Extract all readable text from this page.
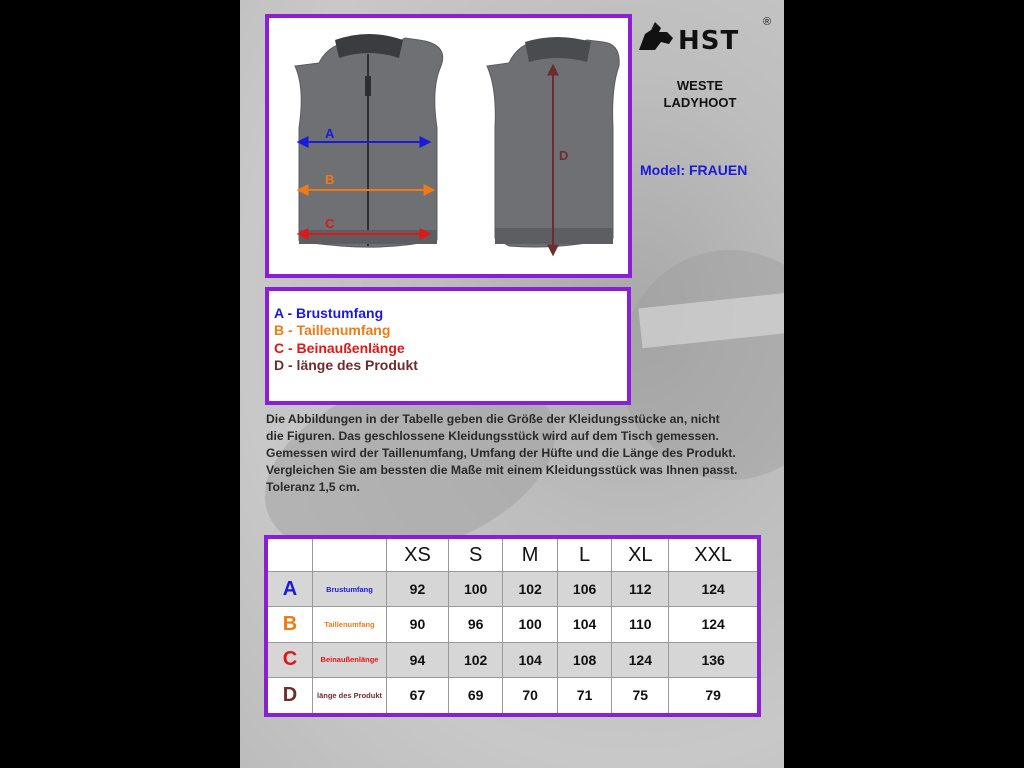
A
B
C
D
HST
®
WESTE
LADYHOOT
Model: FRAUEN
A - Brustumfang
B - Taillenumfang
C - Beinaußenlänge
D - länge des Produkt
Die Abbildungen in der Tabelle geben die Größe der Kleidungsstücke an, nicht
die Figuren. Das geschlossene Kleidungsstück wird auf dem Tisch gemessen.
Gemessen wird der Taillenumfang, Umfang der Hüfte und die Länge des Produkt.
Vergleichen Sie am bessten die Maße mit einem Kleidungsstück was Ihnen passt.
Toleranz 1,5 cm.
		XS	S	M	L	XL	XXL
A	Brustumfang	92	100	102	106	112	124
B	Taillenumfang	90	96	100	104	110	124
C	Beinaußenlänge	94	102	104	108	124	136
D	länge des Produkt	67	69	70	71	75	79
